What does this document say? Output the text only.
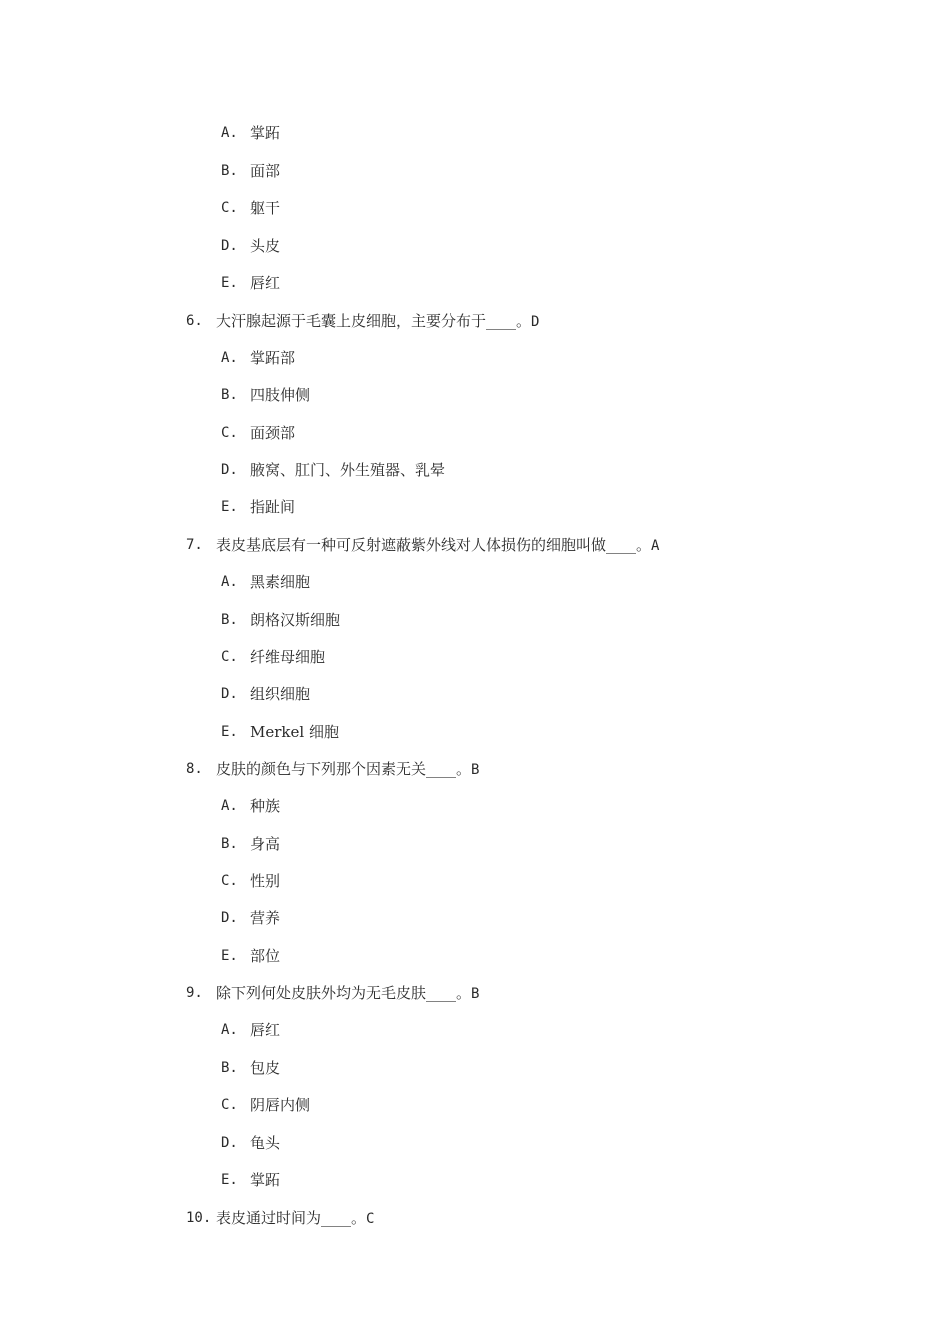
A. 掌跖
B. 面部
C. 躯干
D. 头皮
E. 唇红
6. 大汗腺起源于毛囊上皮细胞，主要分布于____。D
A. 掌跖部
B. 四肢伸侧
C. 面颈部
D. 腋窝、肛门、外生殖器、乳晕
E. 指趾间
7. 表皮基底层有一种可反射遮蔽紫外线对人体损伤的细胞叫做____。A
A. 黑素细胞
B. 朗格汉斯细胞
C. 纤维母细胞
D. 组织细胞
E. Merkel 细胞
8. 皮肤的颜色与下列那个因素无关____。B
A. 种族
B. 身高
C. 性别
D. 营养
E. 部位
9. 除下列何处皮肤外均为无毛皮肤____。B
A. 唇红
B. 包皮
C. 阴唇内侧
D. 龟头
E. 掌跖
10. 表皮通过时间为____。C
